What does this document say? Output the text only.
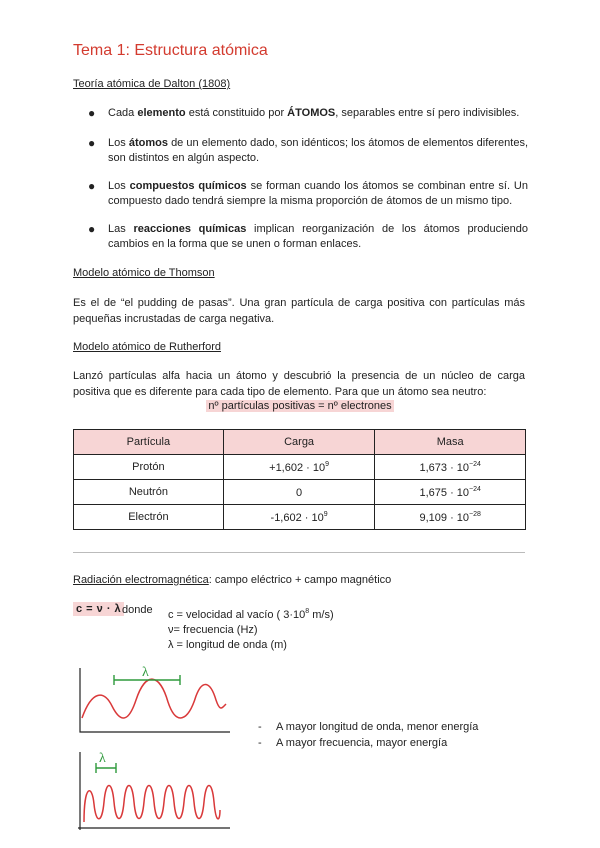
Tema 1: Estructura atómica
Teoría atómica de Dalton (1808)
● Cada elemento está constituido por ÁTOMOS, separables entre sí pero indivisibles.
● Los átomos de un elemento dado, son idénticos; los átomos de elementos diferentes, son distintos en algún aspecto.
● Los compuestos químicos se forman cuando los átomos se combinan entre sí. Un compuesto dado tendrá siempre la misma proporción de átomos de un mismo tipo.
● Las reacciones químicas implican reorganización de los átomos produciendo cambios en la forma que se unen o forman enlaces.
Modelo atómico de Thomson
Es el de “el pudding de pasas”. Una gran partícula de carga positiva con partículas más pequeñas incrustadas de carga negativa.
Modelo atómico de Rutherford
Lanzó partículas alfa hacia un átomo y descubrió la presencia de un núcleo de carga positiva que es diferente para cada tipo de elemento. Para que un átomo sea neutro:
nº partículas positivas = nº electrones
Partícula	Carga	Masa
Protón	$+1,602 \cdot 10^9$	$1,673 \cdot 10^{-24}$
Neutrón	0	$1,675 \cdot 10^{-24}$
Electrón	$-1,602 \cdot 10^9$	$9,109 \cdot 10^{-28}$
Radiación electromagnética: campo eléctrico + campo magnético
c = ν · λ donde c = velocidad al vacío ( $3\cdot 10^8$ m/s)
ν= frecuencia (Hz)
λ = longitud de onda (m)
λ
λ
- A mayor longitud de onda, menor energía
- A mayor frecuencia, mayor energía
